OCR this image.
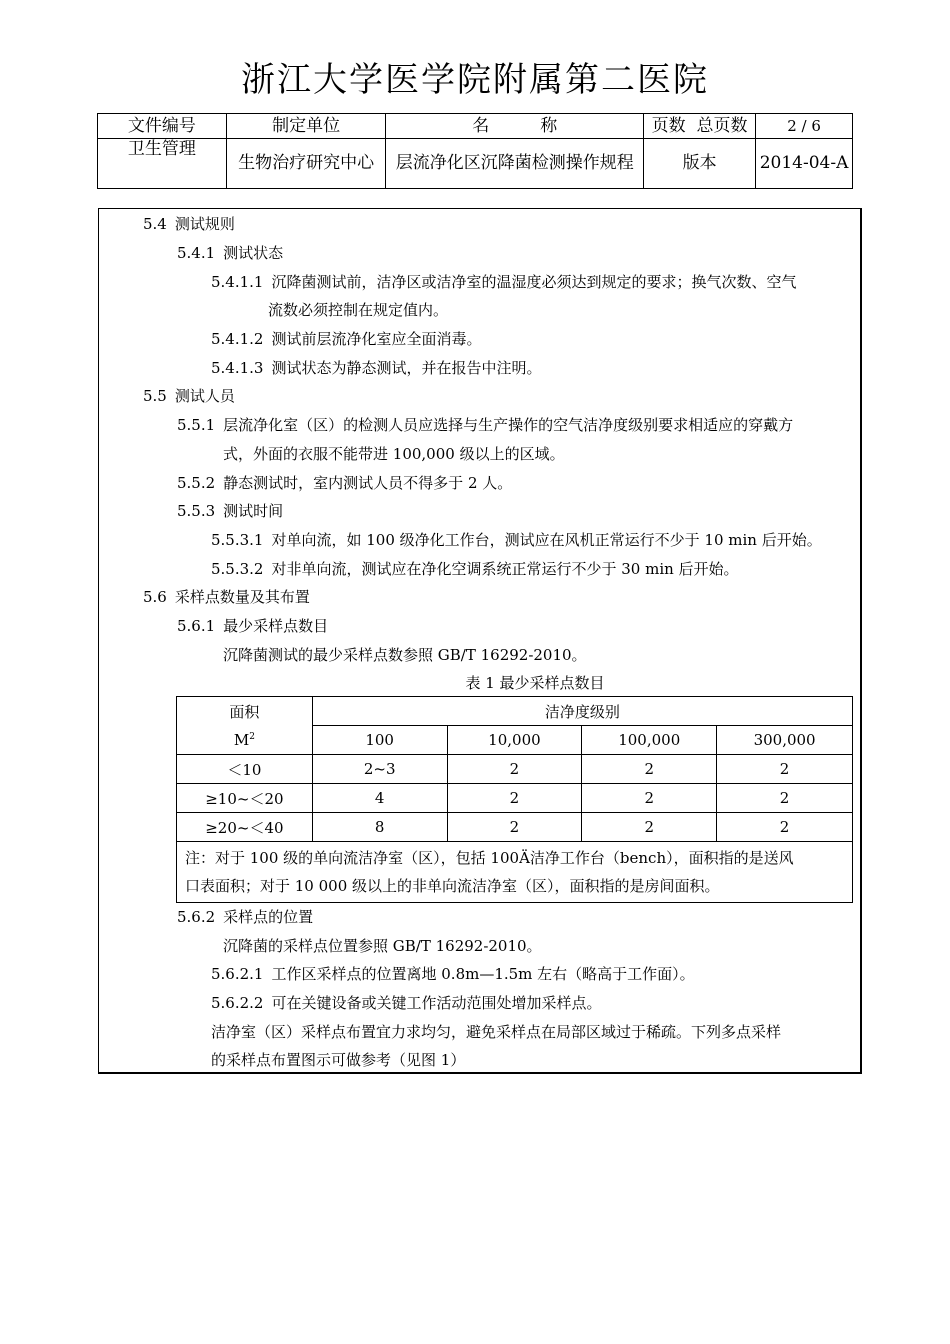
浙江大学医学院附属第二医院
文件编号	制定单位	名　　　称	页数  总页数	2 / 6
卫生管理	生物治疗研究中心	层流净化区沉降菌检测操作规程	版本	2014-04-A
5.4 测试规则
5.4.1 测试状态
5.4.1.1 沉降菌测试前，洁净区或洁净室的温湿度必须达到规定的要求；换气次数、空气
流数必须控制在规定值内。
5.4.1.2 测试前层流净化室应全面消毒。
5.4.1.3 测试状态为静态测试，并在报告中注明。
5.5 测试人员
5.5.1 层流净化室（区）的检测人员应选择与生产操作的空气洁净度级别要求相适应的穿戴方
式，外面的衣服不能带进 100,000 级以上的区域。
5.5.2 静态测试时，室内测试人员不得多于 2 人。
5.5.3 测试时间
5.5.3.1 对单向流，如 100 级净化工作台，测试应在风机正常运行不少于 10 min 后开始。
5.5.3.2 对非单向流，测试应在净化空调系统正常运行不少于 30 min 后开始。
5.6 采样点数量及其布置
5.6.1 最少采样点数目
沉降菌测试的最少采样点数参照 GB/T 16292-2010。
表 1 最少采样点数目
面积	洁净度级别			
$M^2$	100	10,000	100,000	300,000
＜10	2~3	2	2	2
≥10~＜20	4	2	2	2
≥20~＜40	8	2	2	2

注：对于 100 级的单向流洁净室（区），包括 100Ä洁净工作台（bench），面积指的是送风
口表面积；对于 10 000 级以上的非单向流洁净室（区），面积指的是房间面积。				
5.6.2 采样点的位置
沉降菌的采样点位置参照 GB/T 16292-2010。
5.6.2.1 工作区采样点的位置离地 0.8m—1.5m 左右（略高于工作面）。
5.6.2.2 可在关键设备或关键工作活动范围处增加采样点。
洁净室（区）采样点布置宜力求均匀，避免采样点在局部区域过于稀疏。下列多点采样
的采样点布置图示可做参考（见图 1）
